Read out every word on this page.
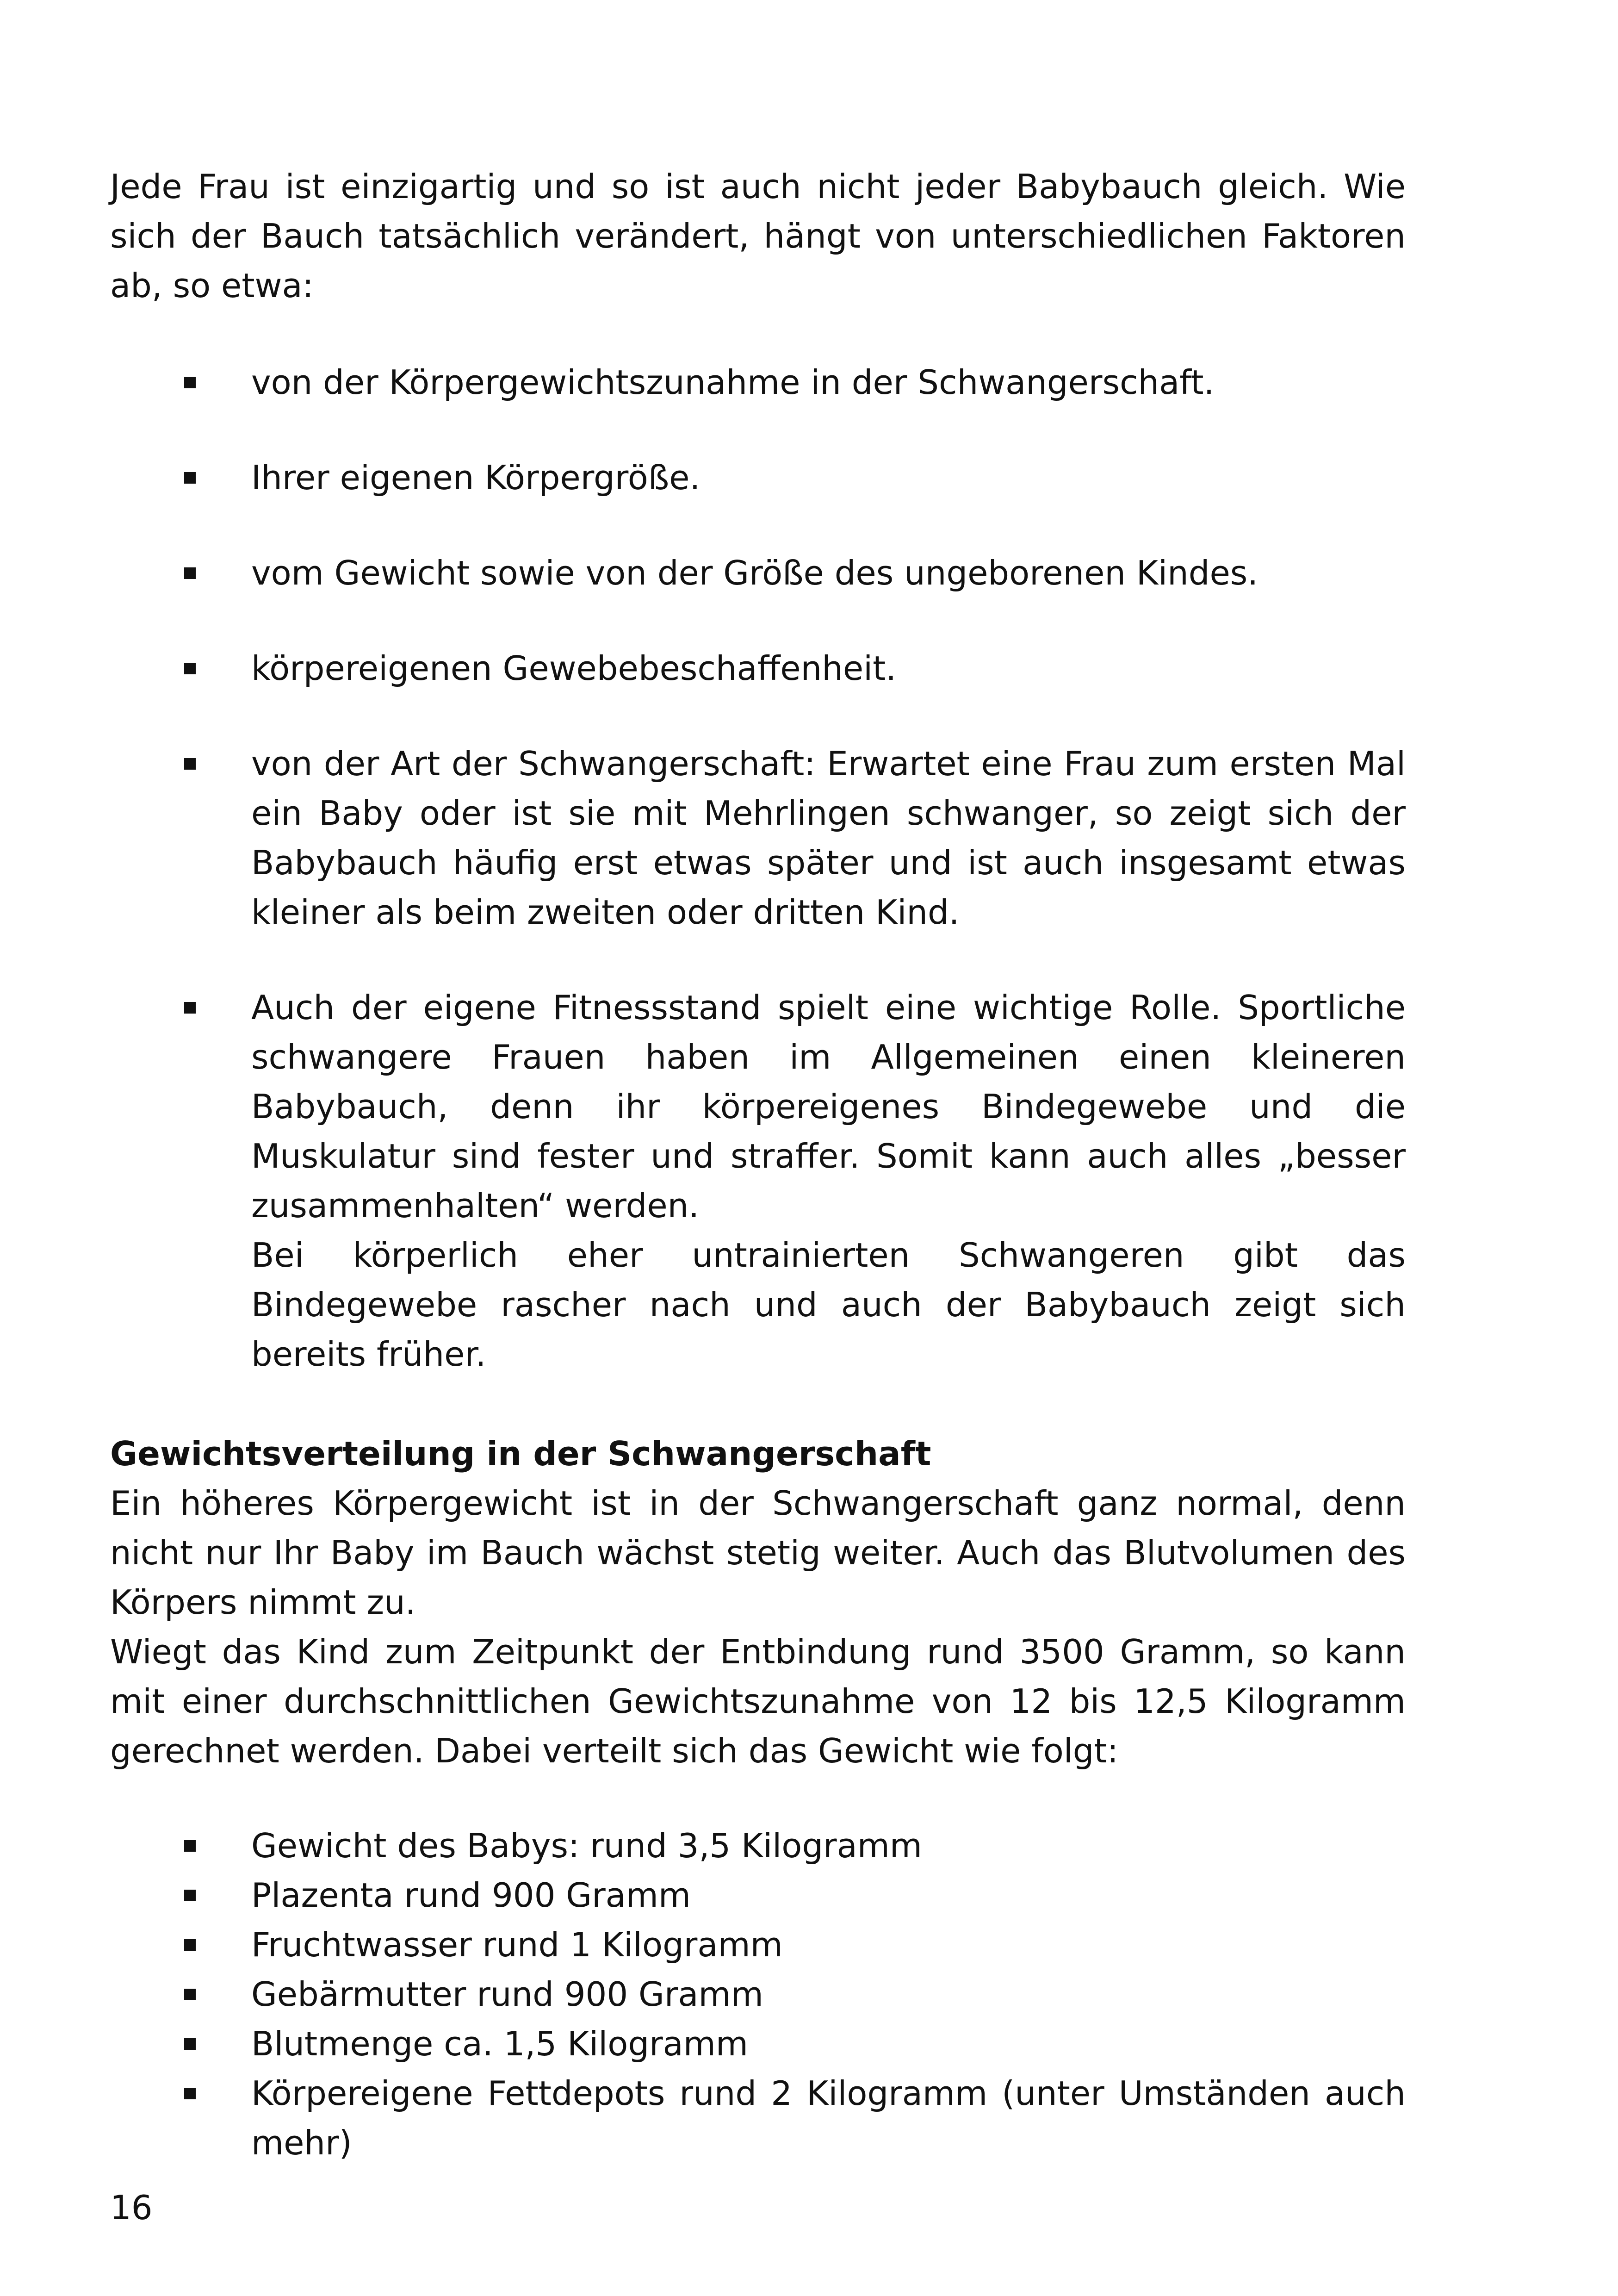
Jede Frau ist einzigartig und so ist auch nicht jeder Babybauch gleich. Wie sich der Bauch tatsächlich verändert, hängt von unterschiedlichen Faktoren ab, so etwa:

von der Körpergewichtszunahme in der Schwangerschaft.
Ihrer eigenen Körpergröße.
vom Gewicht sowie von der Größe des ungeborenen Kindes.
körpereigenen Gewebebeschaffenheit.
von der Art der Schwangerschaft: Erwartet eine Frau zum ersten Mal ein Baby oder ist sie mit Mehrlingen schwanger, so zeigt sich der Babybauch häufig erst etwas später und ist auch insgesamt etwas kleiner als beim zweiten oder dritten Kind.
Auch der eigene Fitnessstand spielt eine wichtige Rolle. Sportliche schwangere Frauen haben im Allgemeinen einen kleineren Babybauch, denn ihr körpereigenes Bindegewebe und die Muskulatur sind fester und straffer. Somit kann auch alles „besser zusammenhalten“ werden.
Bei körperlich eher untrainierten Schwangeren gibt das Bindegewebe rascher nach und auch der Babybauch zeigt sich bereits früher.
Gewichtsverteilung in der Schwangerschaft

Ein höheres Körpergewicht ist in der Schwangerschaft ganz normal, denn nicht nur Ihr Baby im Bauch wächst stetig weiter. Auch das Blutvolumen des Körpers nimmt zu.

Wiegt das Kind zum Zeitpunkt der Entbindung rund 3500 Gramm, so kann mit einer durchschnittlichen Gewichtszunahme von 12 bis 12,5 Kilogramm gerechnet werden. Dabei verteilt sich das Gewicht wie folgt:

Gewicht des Babys: rund 3,5 Kilogramm
Plazenta rund 900 Gramm
Fruchtwasser rund 1 Kilogramm
Gebärmutter rund 900 Gramm
Blutmenge ca. 1,5 Kilogramm
Körpereigene Fettdepots rund 2 Kilogramm (unter Umständen auch mehr)
16
